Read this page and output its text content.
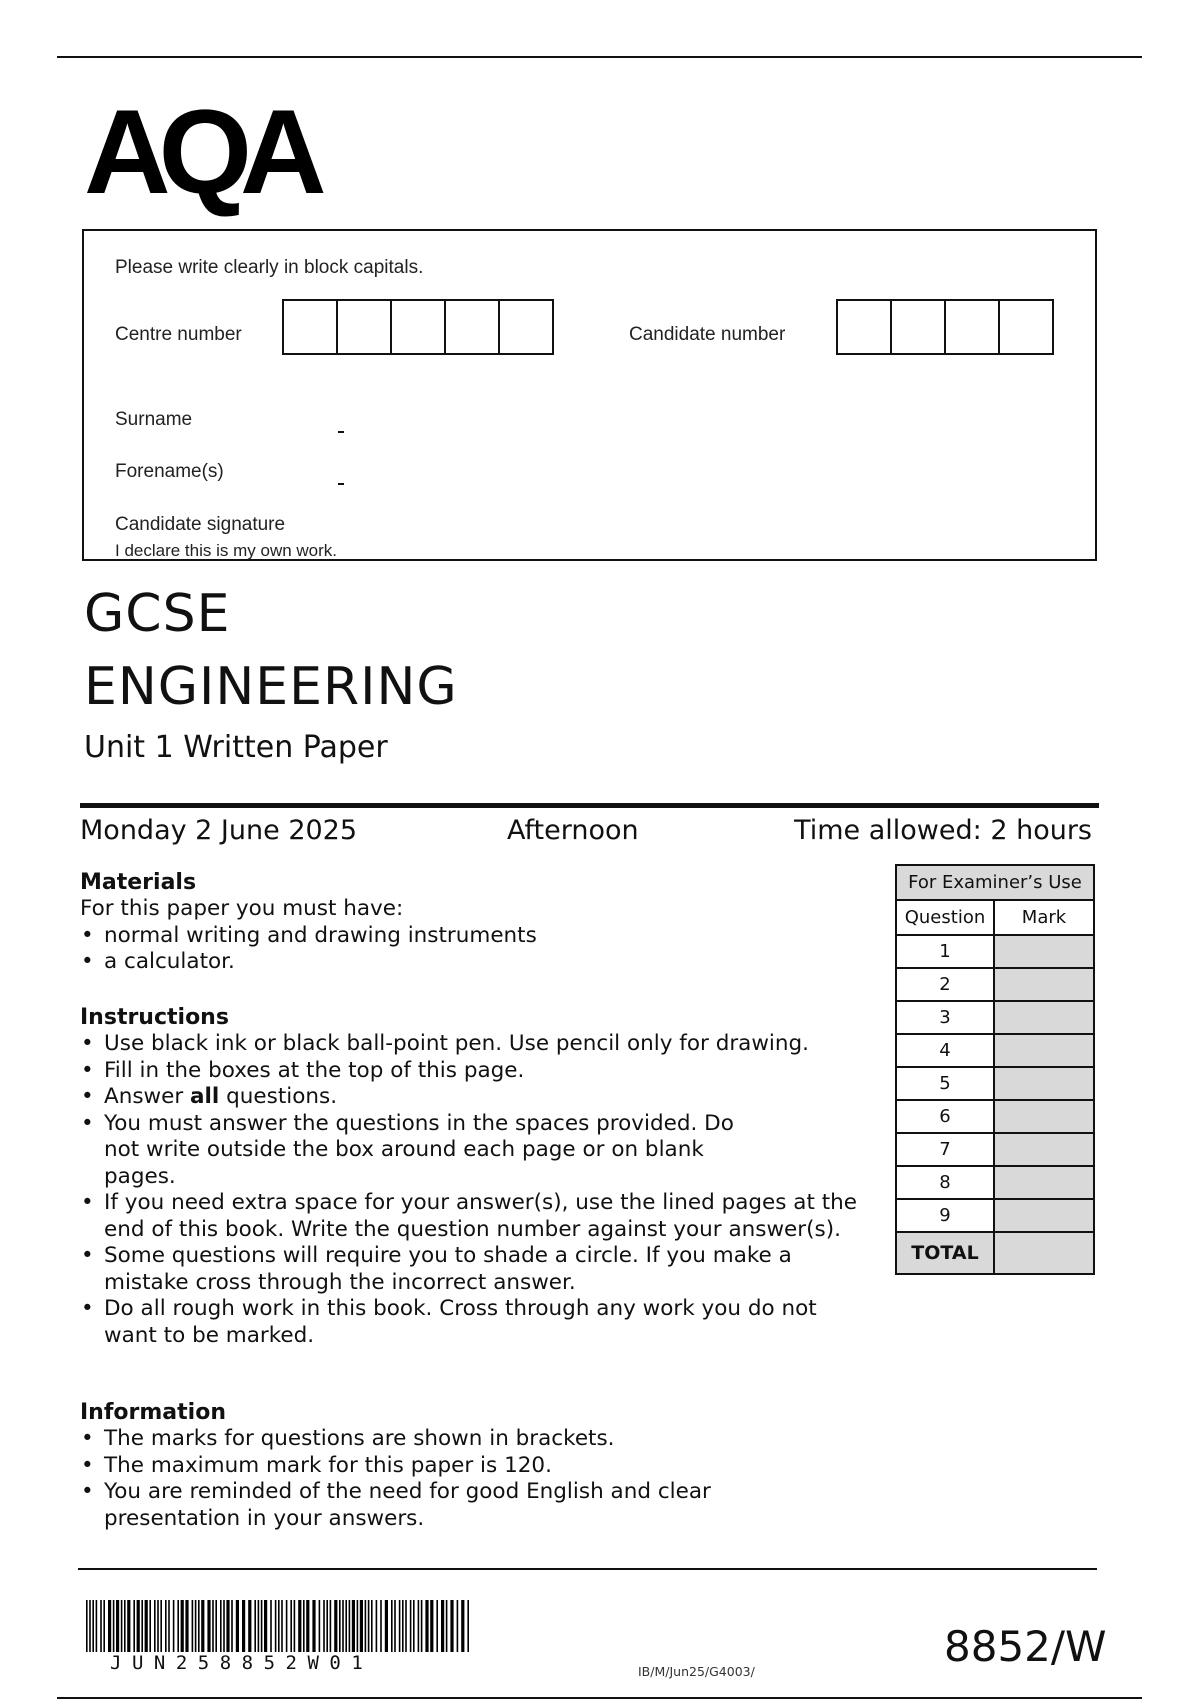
AQA
Please write clearly in block capitals.
Centre number	Candidate number
Surname
Forename(s)
Candidate signature
I declare this is my own work.
GCSE
ENGINEERING
Unit 1 Written Paper
Monday 2 June 2025	Afternoon	Time allowed: 2 hours
Materials

For this paper you must have:

• normal writing and drawing instruments
• a calculator.
Instructions
• Use black ink or black ball-point pen. Use pencil only for drawing.
• Fill in the boxes at the top of this page.
• Answer all questions.
• You must answer the questions in the spaces provided. Do not write outside the box around each page or on blank pages.
• If you need extra space for your answer(s), use the lined pages at the end of this book. Write the question number against your answer(s).
• Some questions will require you to shade a circle. If you make a mistake cross through the incorrect answer.
• Do all rough work in this book. Cross through any work you do not want to be marked.
Information
• The marks for questions are shown in brackets.
• The maximum mark for this paper is 120.
• You are reminded of the need for good English and clear presentation in your answers.
For Examiner’s Use	
Question	Mark
1	
2	
3	
4	
5	
6	
7	
8	
9	
TOTAL	
JUN258852W01	IB/M/Jun25/G4003/
8852/W
